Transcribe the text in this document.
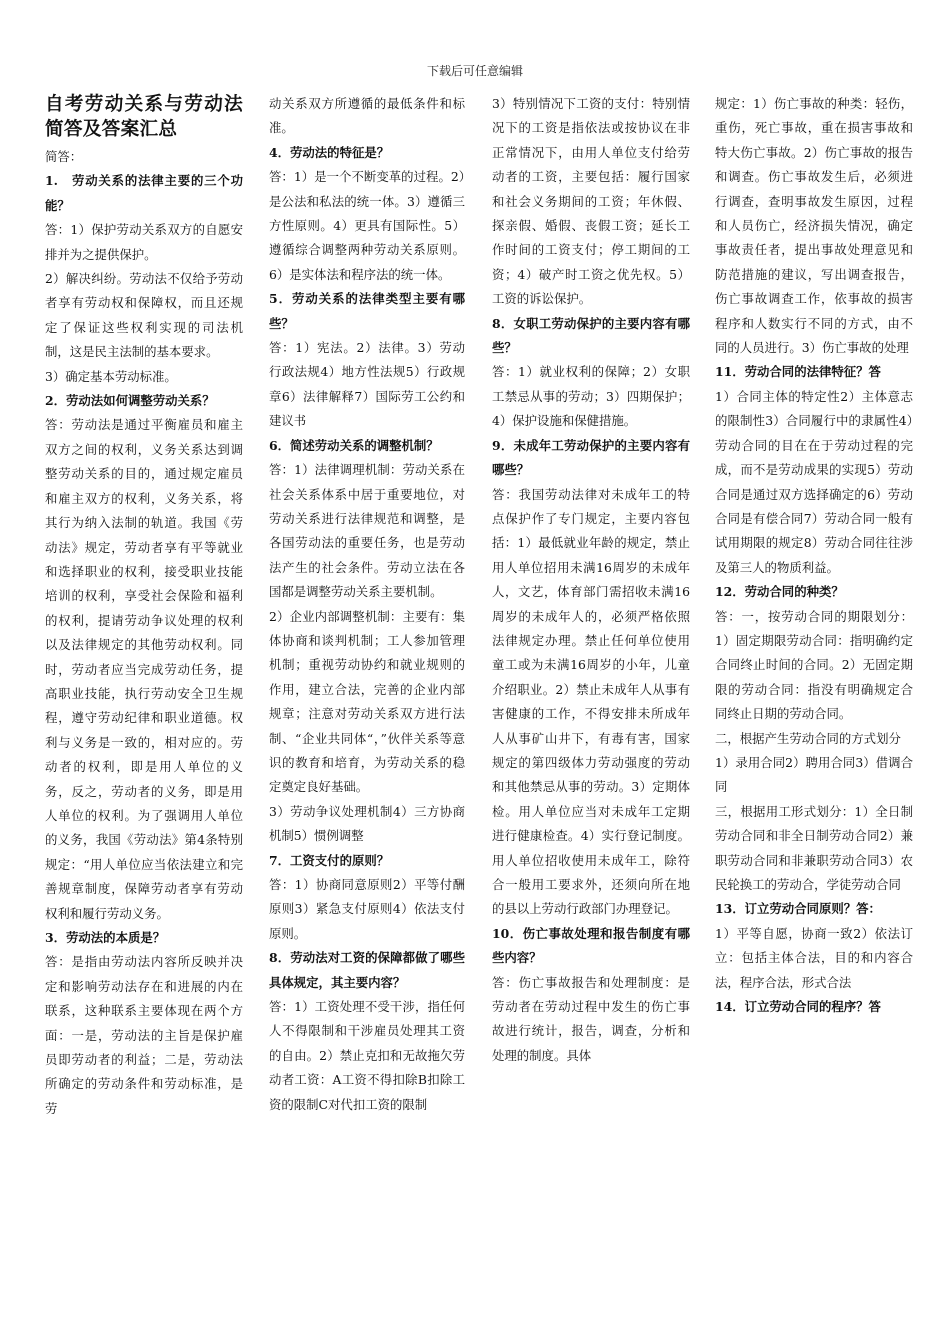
下载后可任意编辑
自考劳动关系与劳动法 简答及答案汇总
简答：
1.　劳动关系的法律主要的三个功能？
答：1）保护劳动关系双方的自愿安排并为之提供保护。
2）解决纠纷。劳动法不仅给予劳动者享有劳动权和保障权，而且还规定了保证这些权利实现的司法机制，这是民主法制的基本要求。
3）确定基本劳动标准。
2．劳动法如何调整劳动关系？
答：劳动法是通过平衡雇员和雇主双方之间的权利，义务关系达到调整劳动关系的目的，通过规定雇员和雇主双方的权利，义务关系，将其行为纳入法制的轨道。我国《劳动法》规定，劳动者享有平等就业和选择职业的权利，接受职业技能培训的权利，享受社会保险和福利的权利，提请劳动争议处理的权利以及法律规定的其他劳动权利。同时，劳动者应当完成劳动任务，提高职业技能，执行劳动安全卫生规程，遵守劳动纪律和职业道德。权利与义务是一致的，相对应的。劳动者的权利，即是用人单位的义务，反之，劳动者的义务，即是用人单位的权利。为了强调用人单位的义务，我国《劳动法》第4条特别规定：“用人单位应当依法建立和完善规章制度，保障劳动者享有劳动权利和履行劳动义务。
3．劳动法的本质是？
答：是指由劳动法内容所反映并决定和影响劳动法存在和进展的内在联系，这种联系主要体现在两个方面：一是，劳动法的主旨是保护雇员即劳动者的利益；二是，劳动法所确定的劳动条件和劳动标准，是劳
动关系双方所遵循的最低条件和标准。
4．劳动法的特征是？
答：1）是一个不断变革的过程。2）是公法和私法的统一体。3）遵循三方性原则。4）更具有国际性。5）遵循综合调整两种劳动关系原则。6）是实体法和程序法的统一体。
5．劳动关系的法律类型主要有哪些？
答：1）宪法。2）法律。3）劳动行政法规4）地方性法规5）行政规章6）法律解释7）国际劳工公约和建议书
6．简述劳动关系的调整机制？
答：1）法律调理机制：劳动关系在社会关系体系中居于重要地位，对劳动关系进行法律规范和调整，是各国劳动法的重要任务，也是劳动法产生的社会条件。劳动立法在各国都是调整劳动关系主要机制。
2）企业内部调整机制：主要有：集体协商和谈判机制；工人参加管理机制；重视劳动协约和就业规则的作用，建立合法，完善的企业内部规章；注意对劳动关系双方进行法制、“企业共同体“，”伙伴关系等意识的教育和培育，为劳动关系的稳定奠定良好基础。
3）劳动争议处理机制4）三方协商机制5）惯例调整
7．工资支付的原则？
答：1）协商同意原则2）平等付酬原则3）紧急支付原则4）依法支付原则。
8．劳动法对工资的保障都做了哪些具体规定，其主要内容？
答：1）工资处理不受干涉，指任何人不得限制和干涉雇员处理其工资的自由。2）禁止克扣和无故拖欠劳动者工资：A工资不得扣除B扣除工资的限制C对代扣工资的限制
3）特别情况下工资的支付：特别情况下的工资是指依法或按协议在非正常情况下，由用人单位支付给劳动者的工资，主要包括：履行国家和社会义务期间的工资；年休假、探亲假、婚假、丧假工资；延长工作时间的工资支付；停工期间的工资；4）破产时工资之优先权。5）工资的诉讼保护。
8．女职工劳动保护的主要内容有哪些？
答：1）就业权利的保障；2）女职工禁忌从事的劳动；3）四期保护；4）保护设施和保健措施。
9．未成年工劳动保护的主要内容有哪些？
答：我国劳动法律对未成年工的特点保护作了专门规定，主要内容包括：1）最低就业年龄的规定，禁止用人单位招用未满16周岁的未成年人，文艺，体育部门需招收未满16周岁的未成年人的，必须严格依照法律规定办理。禁止任何单位使用童工或为未满16周岁的小年，儿童介绍职业。2）禁止未成年人从事有害健康的工作，不得安排未所成年人从事矿山井下，有毒有害，国家规定的第四级体力劳动强度的劳动和其他禁忌从事的劳动。3）定期体检。用人单位应当对未成年工定期进行健康检查。4）实行登记制度。用人单位招收使用未成年工，除符合一般用工要求外，还须向所在地的县以上劳动行政部门办理登记。
10．伤亡事故处理和报告制度有哪些内容？
答：伤亡事故报告和处理制度：是劳动者在劳动过程中发生的伤亡事故进行统计，报告，调查，分析和处理的制度。具体
规定：1）伤亡事故的种类：轻伤，重伤，死亡事故，重在损害事故和特大伤亡事故。2）伤亡事故的报告和调查。伤亡事故发生后，必须进行调查，查明事故发生原因，过程和人员伤亡，经济损失情况，确定事故责任者，提出事故处理意见和防范措施的建议，写出调查报告，伤亡事故调查工作，依事故的损害程序和人数实行不同的方式，由不同的人员进行。3）伤亡事故的处理
11．劳动合同的法律特征？答
1）合同主体的特定性2）主体意志的限制性3）合同履行中的隶属性4）劳动合同的目在在于劳动过程的完成，而不是劳动成果的实现5）劳动合同是通过双方选择确定的6）劳动合同是有偿合同7）劳动合同一般有试用期限的规定8）劳动合同往往涉及第三人的物质利益。
12．劳动合同的种类？
答：一，按劳动合同的期限划分：1）固定期限劳动合同：指明确约定合同终止时间的合同。2）无固定期限的劳动合同：指没有明确规定合同终止日期的劳动合同。
二，根据产生劳动合同的方式划分
1）录用合同2）聘用合同3）借调合同
三，根据用工形式划分：1）全日制劳动合同和非全日制劳动合同2）兼职劳动合同和非兼职劳动合同3）农民轮换工的劳动合，学徒劳动合同
13．订立劳动合同原则？答：
1）平等自愿，协商一致2）依法订立：包括主体合法，目的和内容合法，程序合法，形式合法
14．订立劳动合同的程序？答
